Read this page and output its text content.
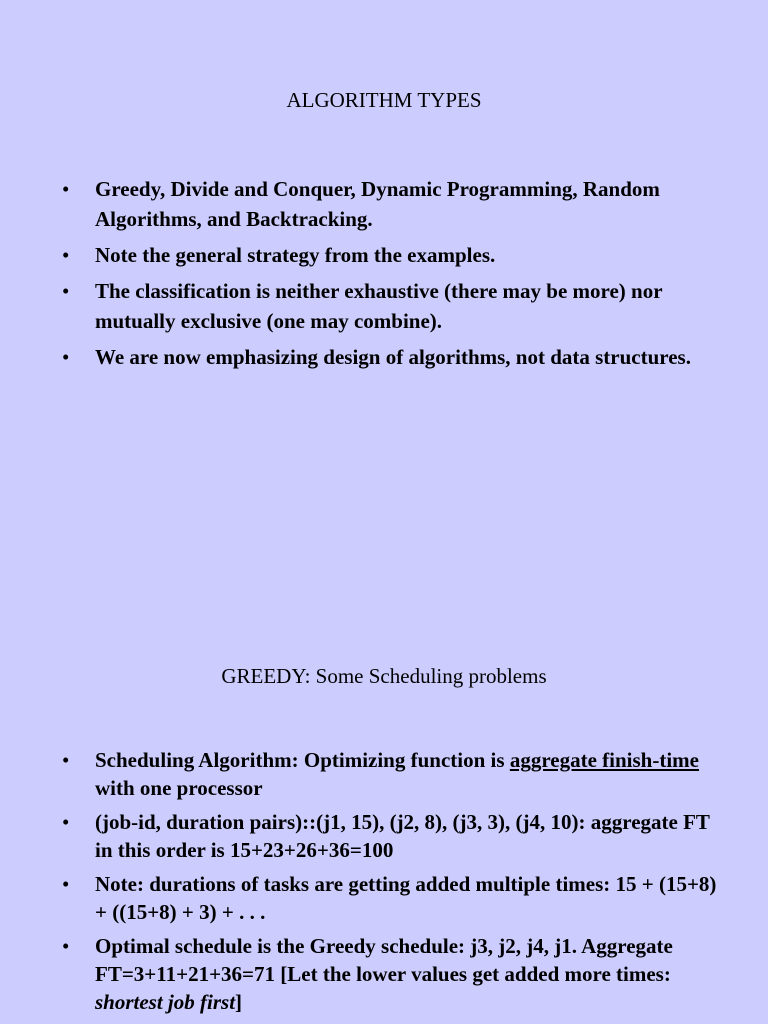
ALGORITHM TYPES
• Greedy, Divide and Conquer, Dynamic Programming, Random Algorithms, and Backtracking.
• Note the general strategy from the examples.
• The classification is neither exhaustive (there may be more) nor mutually exclusive (one may combine).
• We are now emphasizing design of algorithms, not data structures.
GREEDY: Some Scheduling problems
• Scheduling Algorithm: Optimizing function is aggregate finish-time with one processor
• (job-id, duration pairs)::(j1, 15), (j2, 8), (j3, 3), (j4, 10): aggregate FT in this order is 15+23+26+36=100
• Note: durations of tasks are getting added multiple times: 15 + (15+8) + ((15+8) + 3) + . . .
• Optimal schedule is the Greedy schedule: j3, j2, j4, j1. Aggregate FT=3+11+21+36=71 [Let the lower values get added more times: shortest job first]
